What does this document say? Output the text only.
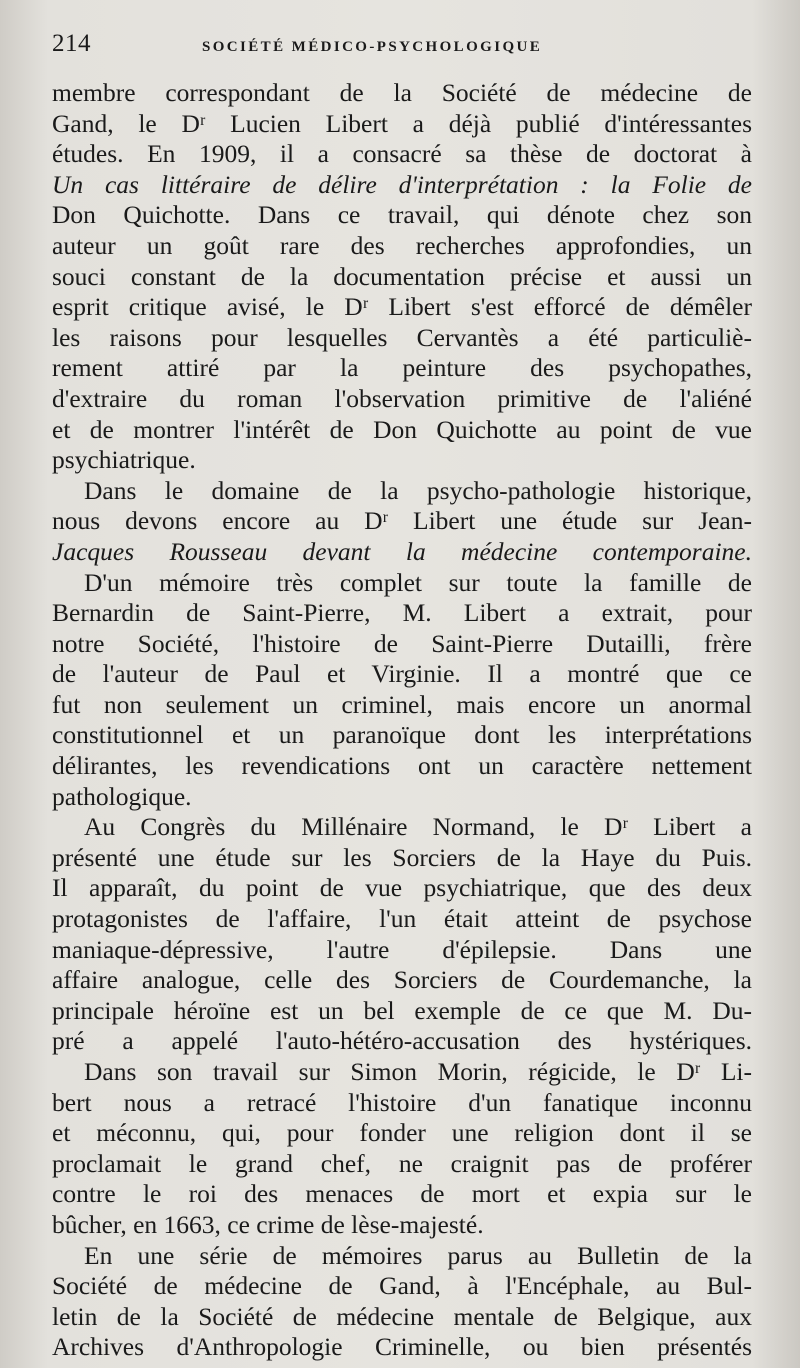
214	SOCIÉTÉ MÉDICO-PSYCHOLOGIQUE
membre correspondant de la Société de médecine de
Gand, le Dʳ Lucien Libert a déjà publié d'intéressantes
études. En 1909, il a consacré sa thèse de doctorat à
Un cas littéraire de délire d'interprétation : la Folie de
Don Quichotte. Dans ce travail, qui dénote chez son
auteur un goût rare des recherches approfondies, un
souci constant de la documentation précise et aussi un
esprit critique avisé, le Dʳ Libert s'est efforcé de démêler
les raisons pour lesquelles Cervantès a été particuliè-
rement attiré par la peinture des psychopathes,
d'extraire du roman l'observation primitive de l'aliéné
et de montrer l'intérêt de Don Quichotte au point de vue
psychiatrique.
Dans le domaine de la psycho-pathologie historique,
nous devons encore au Dʳ Libert une étude sur Jean-
Jacques Rousseau devant la médecine contemporaine.
D'un mémoire très complet sur toute la famille de
Bernardin de Saint-Pierre, M. Libert a extrait, pour
notre Société, l'histoire de Saint-Pierre Dutailli, frère
de l'auteur de Paul et Virginie. Il a montré que ce
fut non seulement un criminel, mais encore un anormal
constitutionnel et un paranoïque dont les interprétations
délirantes, les revendications ont un caractère nettement
pathologique.
Au Congrès du Millénaire Normand, le Dʳ Libert a
présenté une étude sur les Sorciers de la Haye du Puis.
Il apparaît, du point de vue psychiatrique, que des deux
protagonistes de l'affaire, l'un était atteint de psychose
maniaque-dépressive, l'autre d'épilepsie. Dans une
affaire analogue, celle des Sorciers de Courdemanche, la
principale héroïne est un bel exemple de ce que M. Du-
pré a appelé l'auto-hétéro-accusation des hystériques.
Dans son travail sur Simon Morin, régicide, le Dʳ Li-
bert nous a retracé l'histoire d'un fanatique inconnu
et méconnu, qui, pour fonder une religion dont il se
proclamait le grand chef, ne craignit pas de proférer
contre le roi des menaces de mort et expia sur le
bûcher, en 1663, ce crime de lèse-majesté.
En une série de mémoires parus au Bulletin de la
Société de médecine de Gand, à l'Encéphale, au Bul-
letin de la Société de médecine mentale de Belgique, aux
Archives d'Anthropologie Criminelle, ou bien présentés
